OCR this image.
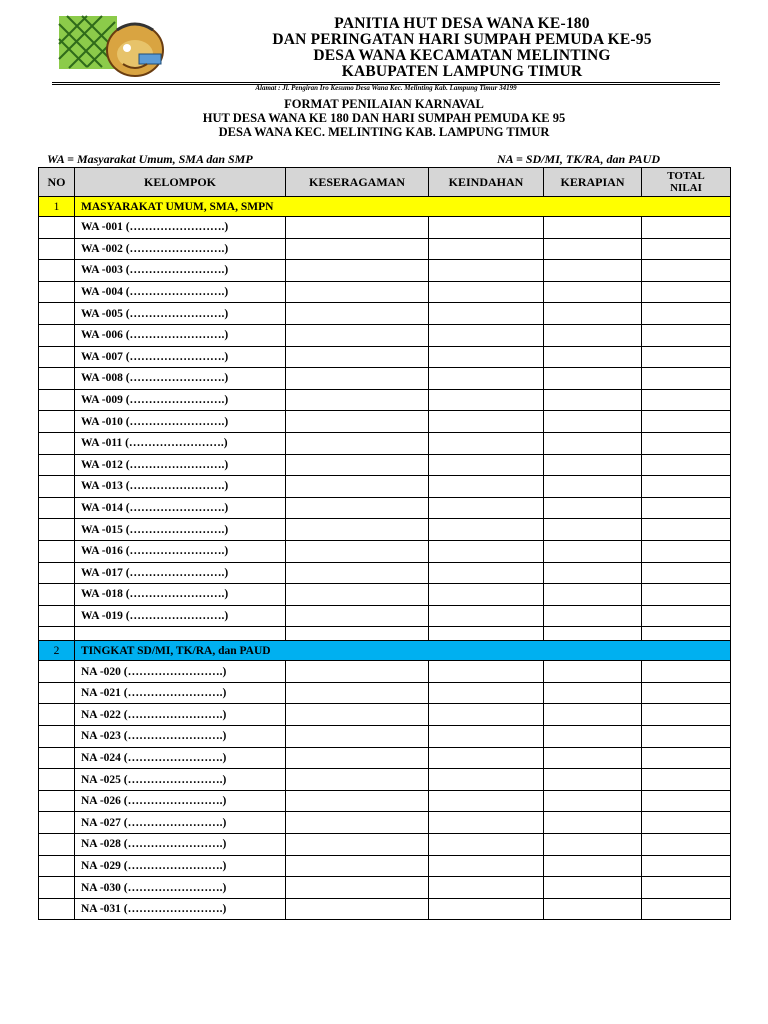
PANITIA HUT DESA WANA KE-180
DAN PERINGATAN HARI SUMPAH PEMUDA KE-95
DESA WANA KECAMATAN MELINTING
KABUPATEN LAMPUNG TIMUR
Alamat : Jl. Pengiran Iro Kesumo Desa Wana Kec. Melinting Kab. Lampung Timur 34199
FORMAT PENILAIAN KARNAVAL
HUT DESA WANA KE 180 DAN HARI SUMPAH PEMUDA KE 95
DESA WANA KEC. MELINTING KAB. LAMPUNG TIMUR
WA = Masyarakat Umum, SMA dan SMP	NA = SD/MI, TK/RA, dan PAUD
NO	KELOMPOK	KESERAGAMAN	KEINDAHAN	KERAPIAN	TOTAL
NILAI
1	MASYARAKAT UMUM, SMA, SMPN				
	WA -001 (…………………….)				
	WA -002 (…………………….)				
	WA -003 (…………………….)				
	WA -004 (…………………….)				
	WA -005 (…………………….)				
	WA -006 (…………………….)				
	WA -007 (…………………….)				
	WA -008 (…………………….)				
	WA -009 (…………………….)				
	WA -010 (…………………….)				
	WA -011 (…………………….)				
	WA -012 (…………………….)				
	WA -013 (…………………….)				
	WA -014 (…………………….)				
	WA -015 (…………………….)				
	WA -016 (…………………….)				
	WA -017 (…………………….)				
	WA -018 (…………………….)				
	WA -019 (…………………….)				

2	TINGKAT SD/MI, TK/RA, dan PAUD				
	NA -020 (…………………….)				
	NA -021 (…………………….)				
	NA -022 (…………………….)				
	NA -023 (…………………….)				
	NA -024 (…………………….)				
	NA -025 (…………………….)				
	NA -026 (…………………….)				
	NA -027 (…………………….)				
	NA -028 (…………………….)				
	NA -029 (…………………….)				
	NA -030 (…………………….)				
	NA -031 (…………………….)				
